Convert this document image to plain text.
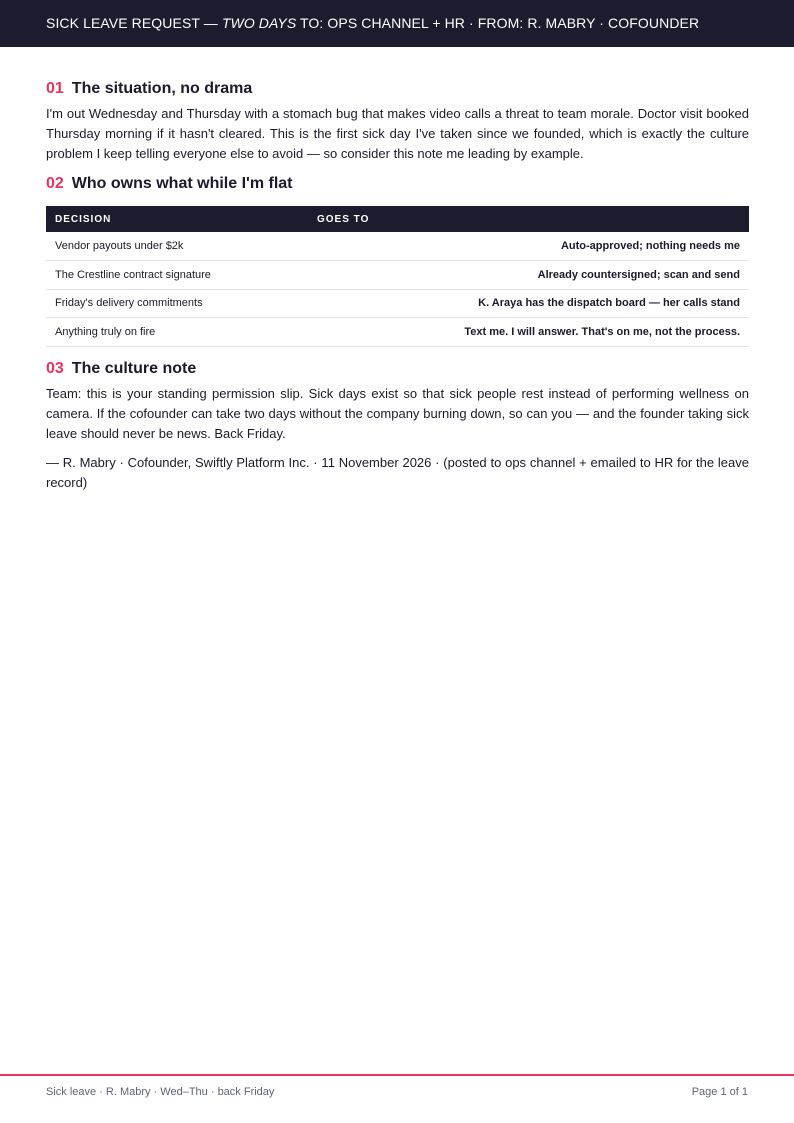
SICK LEAVE REQUEST — TWO DAYS TO: OPS CHANNEL + HR · FROM: R. MABRY · COFOUNDER
01 The situation, no drama

I'm out Wednesday and Thursday with a stomach bug that makes video calls a threat to team morale. Doctor visit booked Thursday morning if it hasn't cleared. This is the first sick day I've taken since we founded, which is exactly the culture problem I keep telling everyone else to avoid — so consider this note me leading by example.

02 Who owns what while I'm flat
DECISION	GOES TO
Vendor payouts under $2k	Auto-approved; nothing needs me
The Crestline contract signature	Already countersigned; scan and send
Friday's delivery commitments	K. Araya has the dispatch board — her calls stand
Anything truly on fire	Text me. I will answer. That's on me, not the process.
03 The culture note

Team: this is your standing permission slip. Sick days exist so that sick people rest instead of performing wellness on camera. If the cofounder can take two days without the company burning down, so can you — and the founder taking sick leave should never be news. Back Friday.

— R. Mabry · Cofounder, Swiftly Platform Inc. · 11 November 2026 · (posted to ops channel + emailed to HR for the leave record)

Sick leave · R. Mabry · Wed–Thu · back Friday	Page 1 of 1
